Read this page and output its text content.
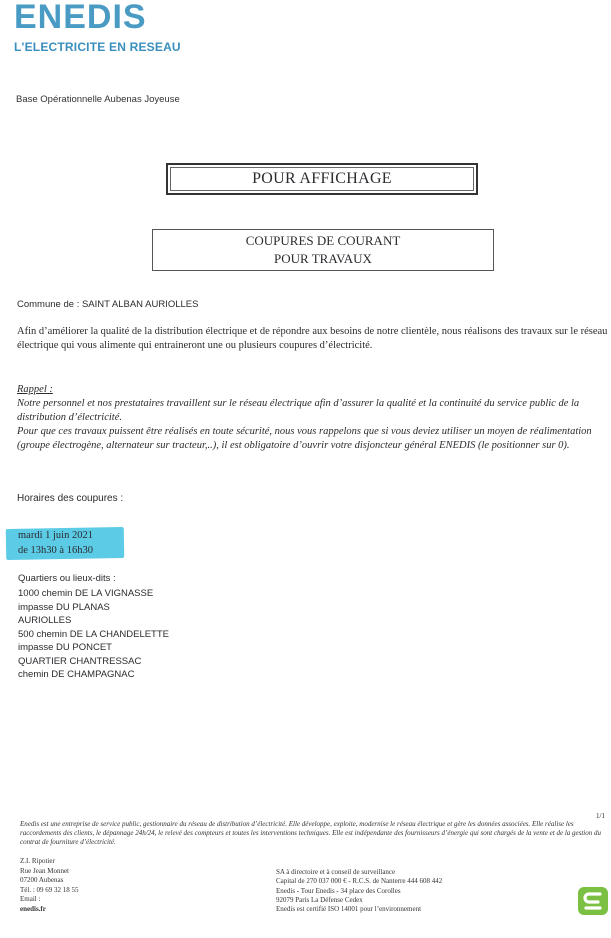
ENEDIS
L'ELECTRICITE EN RESEAU
Base Opérationnelle Aubenas Joyeuse
POUR AFFICHAGE
COUPURES DE COURANT
POUR TRAVAUX
Commune de : SAINT ALBAN AURIOLLES
Afin d’améliorer la qualité de la distribution électrique et de répondre aux besoins de notre clientèle, nous réalisons des travaux sur le réseau électrique qui vous alimente qui entraineront une ou plusieurs coupures d’électricité.
Rappel :
Notre personnel et nos prestataires travaillent sur le réseau électrique afin d’assurer la qualité et la continuité du service public de la distribution d’électricité.
Pour que ces travaux puissent être réalisés en toute sécurité, nous vous rappelons que si vous deviez utiliser un moyen de réalimentation (groupe électrogène, alternateur sur tracteur,..), il est obligatoire d’ouvrir votre disjoncteur général ENEDIS (le positionner sur 0).
Horaires des coupures :
mardi 1 juin 2021
de 13h30 à 16h30
Quartiers ou lieux-dits :
1000 chemin DE LA VIGNASSE
impasse DU PLANAS
AURIOLLES
500 chemin DE LA CHANDELETTE
impasse DU PONCET
QUARTIER CHANTRESSAC
chemin DE CHAMPAGNAC
1/1
Enedis est une entreprise de service public, gestionnaire du réseau de distribution d’électricité. Elle développe, exploite, modernise le réseau électrique et gère les données associées. Elle réalise les raccordements des clients, le dépannage 24h/24, le relevé des compteurs et toutes les interventions techniques. Elle est indépendante des fournisseurs d’énergie qui sont chargés de la vente et de la gestion du contrat de fourniture d’électricité.
Z.I. Ripotier
Rue Jean Monnet
07200 Aubenas
Tél. : 09 69 32 18 55
Email :
enedis.fr
SA à directoire et à conseil de surveillance
Capital de 270 037 000 € - R.C.S. de Nanterre 444 608 442
Enedis - Tour Enedis - 34 place des Corolles
92079 Paris La Défense Cedex
Enedis est certifié ISO 14001 pour l’environnement
